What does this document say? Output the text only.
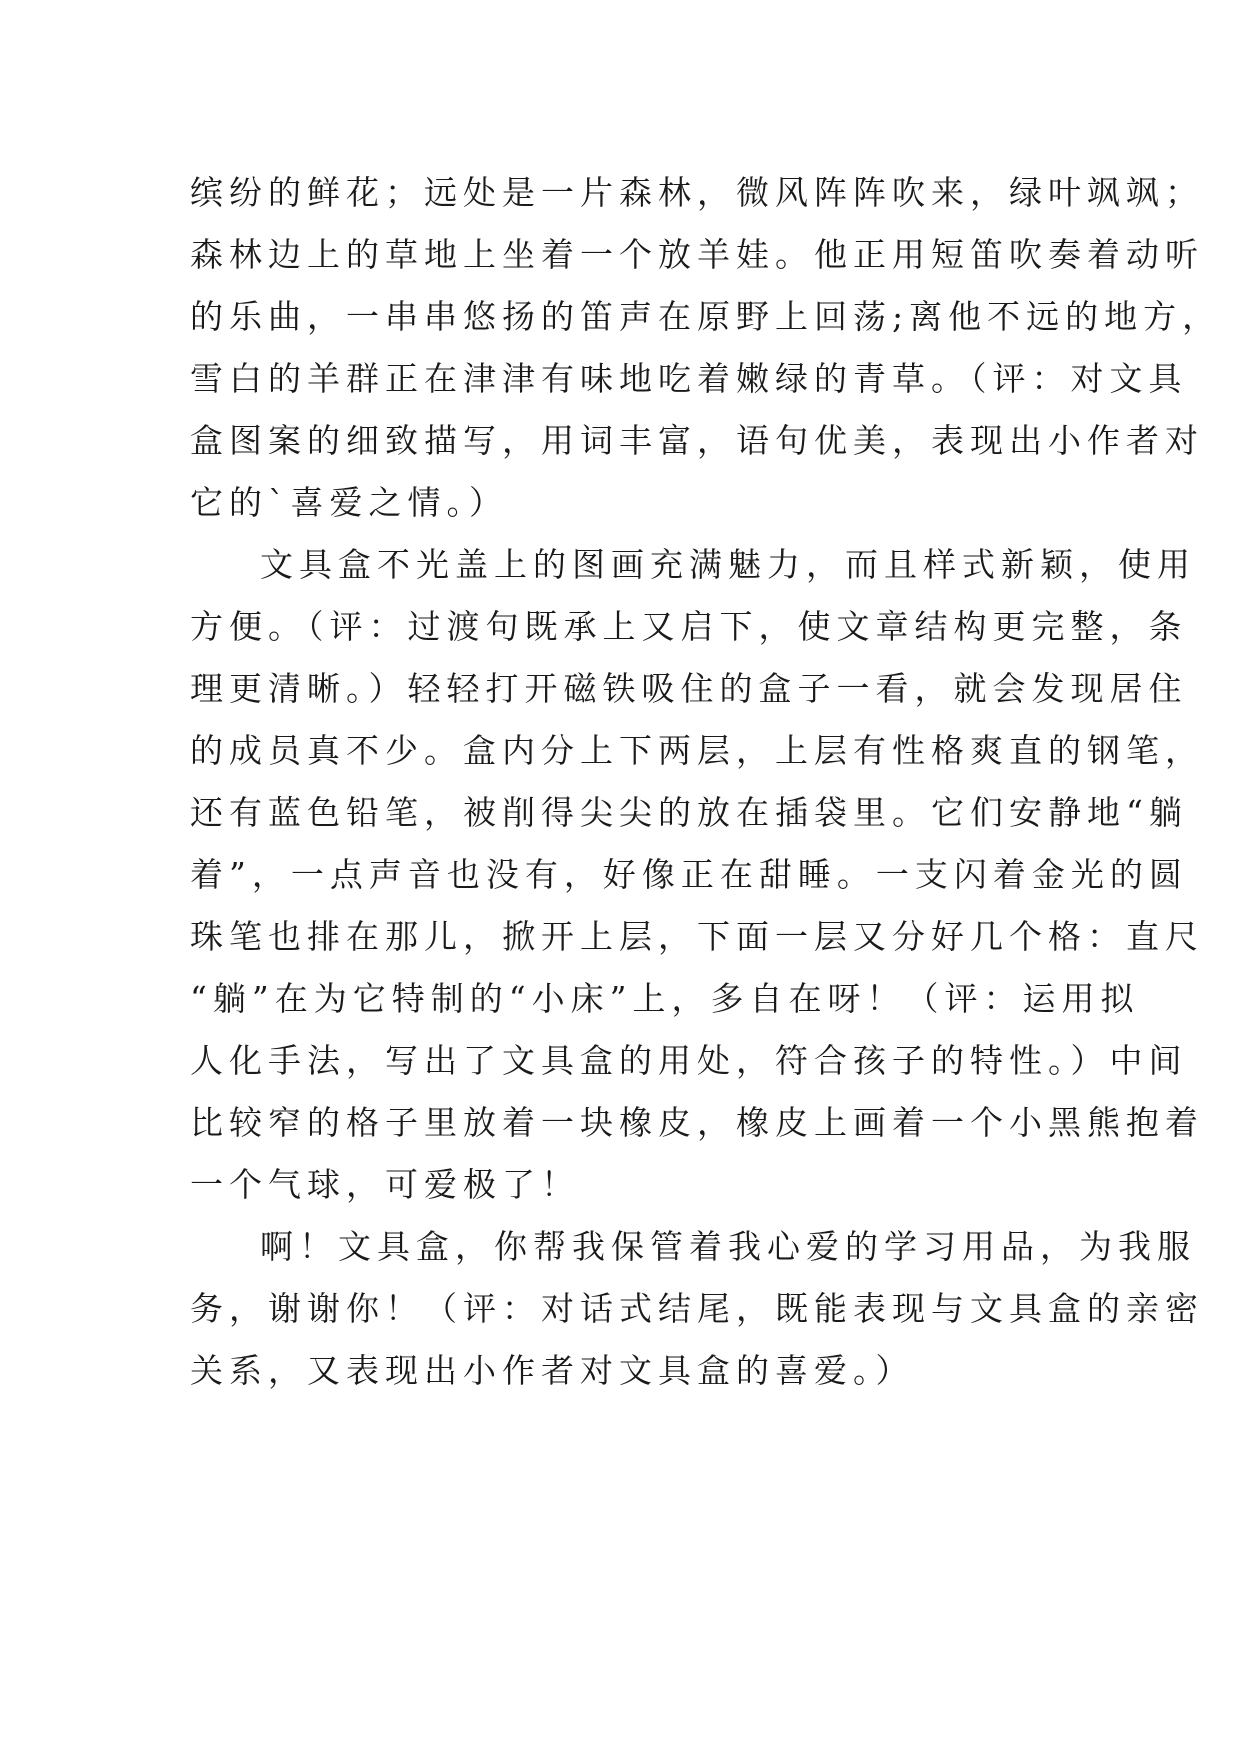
缤纷的鲜花；远处是一片森林，微风阵阵吹来，绿叶飒飒；
森林边上的草地上坐着一个放羊娃。他正用短笛吹奏着动听
的乐曲，一串串悠扬的笛声在原野上回荡;离他不远的地方，
雪白的羊群正在津津有味地吃着嫩绿的青草。（评：对文具
盒图案的细致描写，用词丰富，语句优美，表现出小作者对
它的`喜爱之情。）
文具盒不光盖上的图画充满魅力，而且样式新颖，使用
方便。（评：过渡句既承上又启下，使文章结构更完整，条
理更清晰。）轻轻打开磁铁吸住的盒子一看，就会发现居住
的成员真不少。盒内分上下两层，上层有性格爽直的钢笔，
还有蓝色铅笔，被削得尖尖的放在插袋里。它们安静地“躺
着”，一点声音也没有，好像正在甜睡。一支闪着金光的圆
珠笔也排在那儿，掀开上层，下面一层又分好几个格：直尺
“躺”在为它特制的“小床”上，多自在呀！（评：运用拟
人化手法，写出了文具盒的用处，符合孩子的特性。）中间
比较窄的格子里放着一块橡皮，橡皮上画着一个小黑熊抱着
一个气球，可爱极了！
啊！文具盒，你帮我保管着我心爱的学习用品，为我服
务，谢谢你！（评：对话式结尾，既能表现与文具盒的亲密
关系，又表现出小作者对文具盒的喜爱。）
